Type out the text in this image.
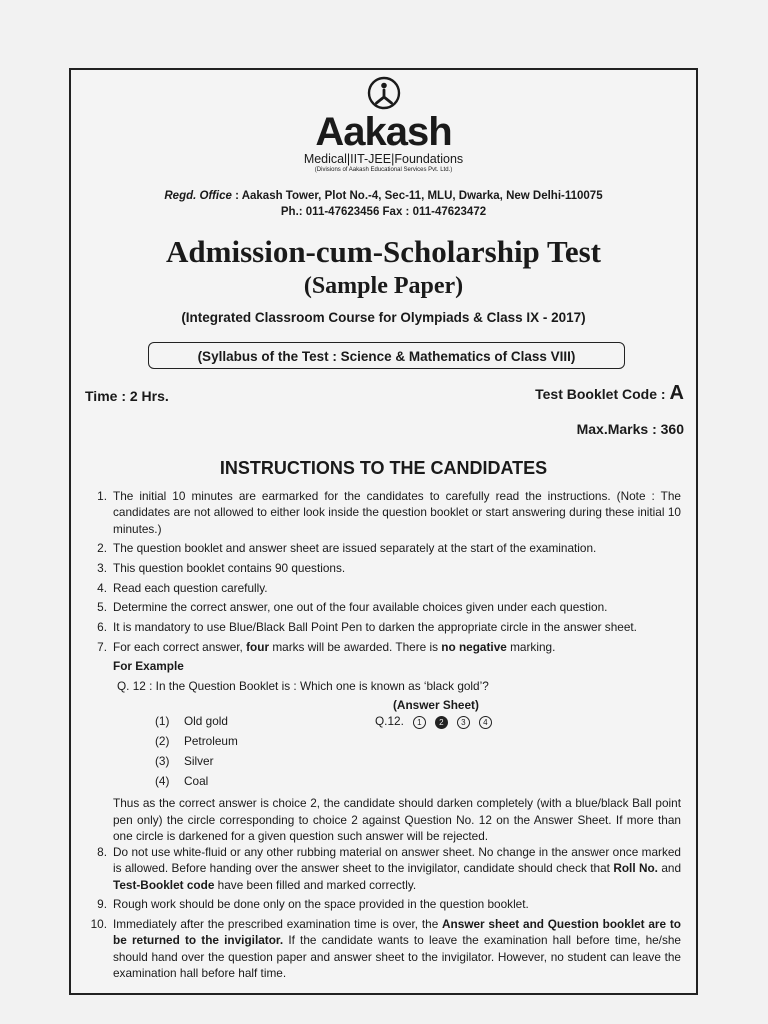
Aakash
Medical|IIT-JEE|Foundations
(Divisions of Aakash Educational Services Pvt. Ltd.)
Regd. Office : Aakash Tower, Plot No.-4, Sec-11, MLU, Dwarka, New Delhi-110075
Ph.: 011-47623456 Fax : 011-47623472
Admission-cum-Scholarship Test
(Sample Paper)
(Integrated Classroom Course for Olympiads & Class IX - 2017)
(Syllabus of the Test : Science & Mathematics of Class VIII)
Time : 2 Hrs.	Test Booklet Code : A
Max.Marks : 360
INSTRUCTIONS TO THE CANDIDATES
1. The initial 10 minutes are earmarked for the candidates to carefully read the instructions. (Note : The candidates are not allowed to either look inside the question booklet or start answering during these initial 10 minutes.)
2. The question booklet and answer sheet are issued separately at the start of the examination.
3. This question booklet contains 90 questions.
4. Read each question carefully.
5. Determine the correct answer, one out of the four available choices given under each question.
6. It is mandatory to use Blue/Black Ball Point Pen to darken the appropriate circle in the answer sheet.
7. For each correct answer, four marks will be awarded. There is no negative marking.
For Example
Q. 12 : In the Question Booklet is : Which one is known as ‘black gold’?
(Answer Sheet)
(1) Old gold	Q.12. 1 2 3 4
(2) Petroleum
(3) Silver
(4) Coal
Thus as the correct answer is choice 2, the candidate should darken completely (with a blue/black Ball point pen only) the circle corresponding to choice 2 against Question No. 12 on the Answer Sheet. If more than one circle is darkened for a given question such answer will be rejected.
8. Do not use white-fluid or any other rubbing material on answer sheet. No change in the answer once marked is allowed. Before handing over the answer sheet to the invigilator, candidate should check that Roll No. and Test-Booklet code have been filled and marked correctly.
9. Rough work should be done only on the space provided in the question booklet.
10. Immediately after the prescribed examination time is over, the Answer sheet and Question booklet are to be returned to the invigilator. If the candidate wants to leave the examination hall before time, he/she should hand over the question paper and answer sheet to the invigilator. However, no student can leave the examination hall before half time.
